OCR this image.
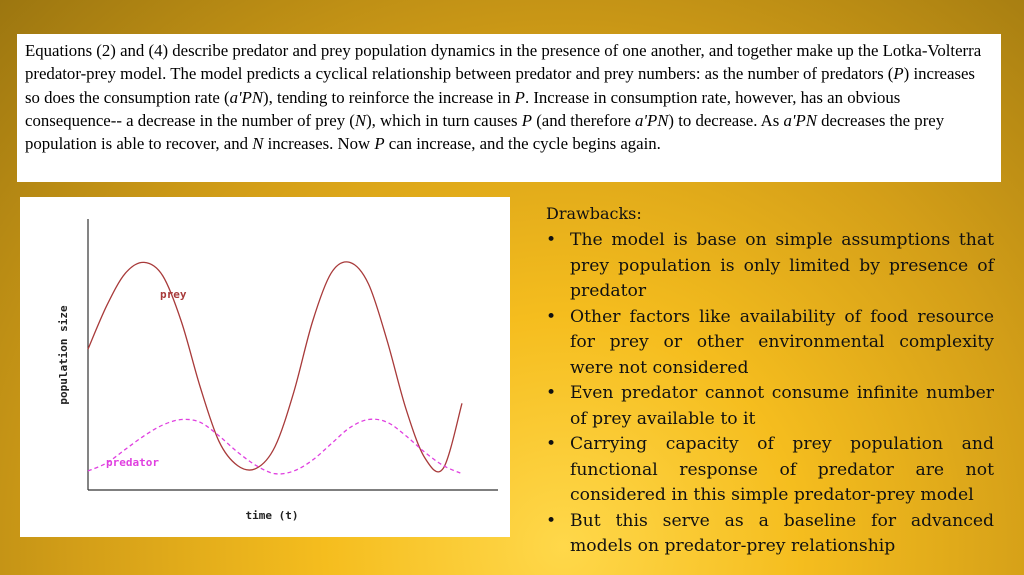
Equations (2) and (4) describe predator and prey population dynamics in the presence of one another, and together make up the Lotka-Volterra predator-prey model. The model predicts a cyclical relationship between predator and prey numbers: as the number of predators (P) increases so does the consumption rate (a'PN), tending to reinforce the increase in P. Increase in consumption rate, however, has an obvious consequence-- a decrease in the number of prey (N), which in turn causes P (and therefore a'PN) to decrease. As a'PN decreases the prey population is able to recover, and N increases. Now P can increase, and the cycle begins again.
prey
predator
time (t)
population size
Drawbacks:
• The model is base on simple assumptions that prey population is only limited by presence of predator
• Other factors like availability of food resource for prey or other environmental complexity were not considered
• Even predator cannot consume infinite number of prey available to it
• Carrying capacity of prey population and functional response of predator are not considered in this simple predator-prey model
• But this serve as a baseline for advanced models on predator-prey relationship
